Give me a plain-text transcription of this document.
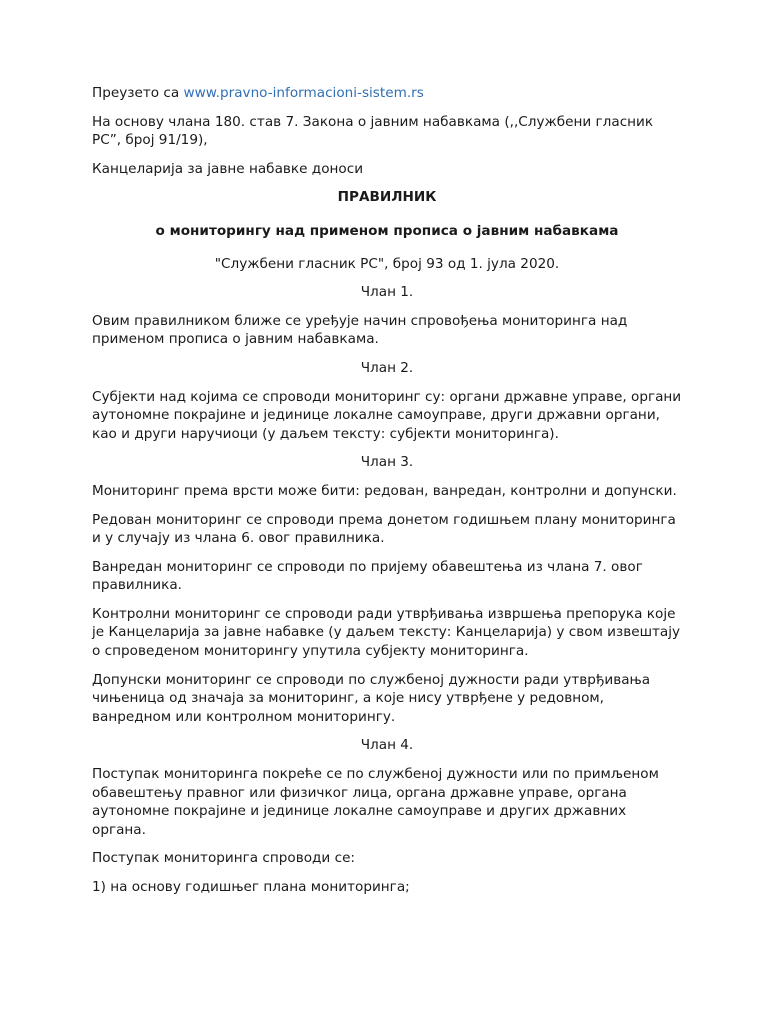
Преузето са www.pravno-informacioni-sistem.rs

На основу члана 180. став 7. Закона о јавним набавкама (,,Службени гласник РС”, број 91/19),

Канцеларија за јавне набавке доноси

ПРАВИЛНИК

о мониторингу над применом прописа о јавним набавкама

"Службени гласник РС", број 93 од 1. јула 2020.

Члан 1.

Овим правилником ближе се уређује начин спровођења мониторинга над применом прописа о јавним набавкама.

Члан 2.

Субјекти над којима се спроводи мониторинг су: органи државне управе, органи аутономне покрајине и јединице локалне самоуправе, други државни органи, као и други наручиоци (у даљем тексту: субјекти мониторинга).

Члан 3.

Мониторинг према врсти може бити: редован, ванредан, контролни и допунски.

Редован мониторинг се спроводи према донетом годишњем плану мониторинга и у случају из члана 6. овог правилника.

Ванредан мониторинг се спроводи по пријему обавештења из члана 7. овог правилника.

Контролни мониторинг се спроводи ради утврђивања извршења препорука које је Канцеларија за јавне набавке (у даљем тексту: Канцеларија) у свом извештају о спроведеном мониторингу упутила субјекту мониторинга.

Допунски мониторинг се спроводи по службеној дужности ради утврђивања чињеница од значаја за мониторинг, а које нису утврђене у редовном, ванредном или контролном мониторингу.

Члан 4.

Поступак мониторинга покреће се по службеној дужности или по примљеном обавештењу правног или физичког лица, органа државне управе, органа аутономне покрајине и јединице локалне самоуправе и других државних органа.

Поступак мониторинга спроводи се:

1) на основу годишњег плана мониторинга;
